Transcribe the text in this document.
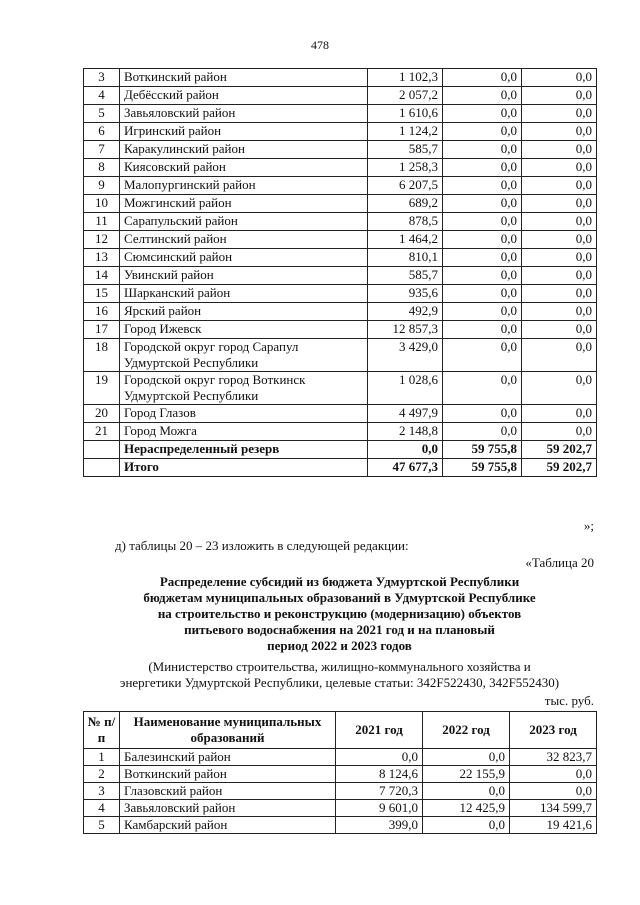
478
3	Воткинский район	1 102,3	0,0	0,0
4	Дебёсский район	2 057,2	0,0	0,0
5	Завьяловский район	1 610,6	0,0	0,0
6	Игринский район	1 124,2	0,0	0,0
7	Каракулинский район	585,7	0,0	0,0
8	Киясовский район	1 258,3	0,0	0,0
9	Малопургинский район	6 207,5	0,0	0,0
10	Можгинский район	689,2	0,0	0,0
11	Сарапульский район	878,5	0,0	0,0
12	Селтинский район	1 464,2	0,0	0,0
13	Сюмсинский район	810,1	0,0	0,0
14	Увинский район	585,7	0,0	0,0
15	Шарканский район	935,6	0,0	0,0
16	Ярский район	492,9	0,0	0,0
17	Город Ижевск	12 857,3	0,0	0,0
18	Городской округ город Сарапул Удмуртской Республики	3 429,0	0,0	0,0
19	Городской округ город Воткинск Удмуртской Республики	1 028,6	0,0	0,0
20	Город Глазов	4 497,9	0,0	0,0
21	Город Можга	2 148,8	0,0	0,0
	Нераспределенный резерв	0,0	59 755,8	59 202,7
	Итого	47 677,3	59 755,8	59 202,7
»;
д) таблицы 20 – 23 изложить в следующей редакции:
«Таблица 20
Распределение субсидий из бюджета Удмуртской Республики
бюджетам муниципальных образований в Удмуртской Республике
на строительство и реконструкцию (модернизацию) объектов
питьевого водоснабжения на 2021 год и на плановый
период 2022 и 2023 годов
(Министерство строительства, жилищно-коммунального хозяйства и
энергетики Удмуртской Республики, целевые статьи: 342F522430, 342F552430)
тыс. руб.
№ п/п	Наименование муниципальных образований	2021 год	2022 год	2023 год
1	Балезинский район	0,0	0,0	32 823,7
2	Воткинский район	8 124,6	22 155,9	0,0
3	Глазовский район	7 720,3	0,0	0,0
4	Завьяловский район	9 601,0	12 425,9	134 599,7
5	Камбарский район	399,0	0,0	19 421,6
